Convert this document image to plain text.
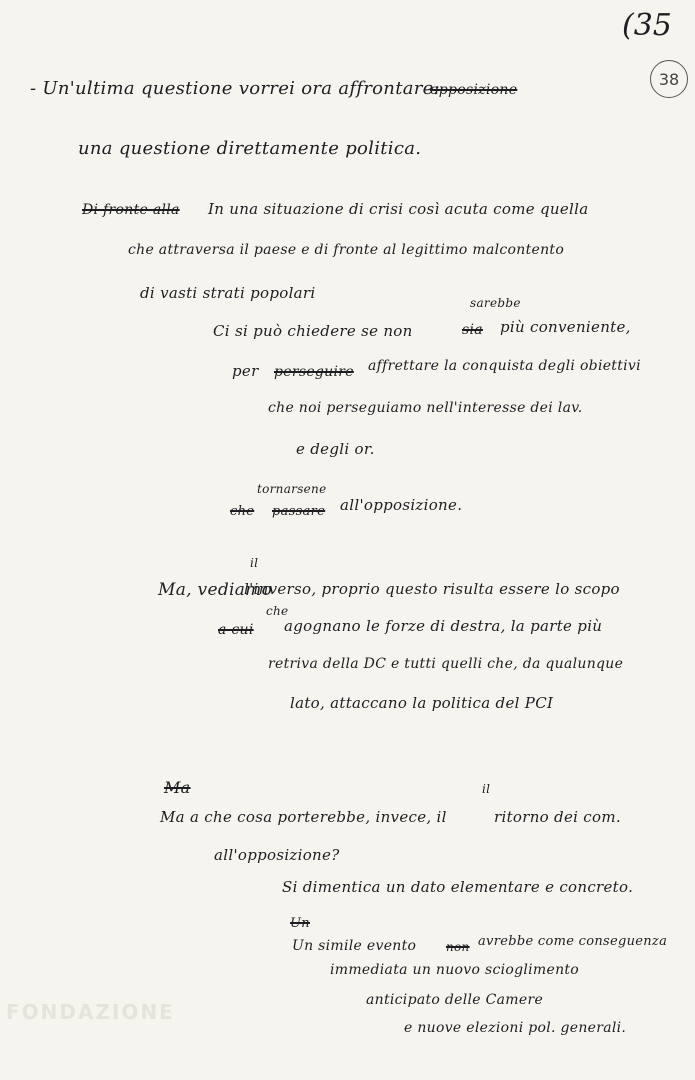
(35
38
FONDAZIONE
- Un'ultima questione vorrei ora affrontare:
opposizione
una questione direttamente politica.
Di fronte alla In una situazione di crisi così acuta come quella
che attraversa il paese e di fronte al legittimo malcontento
di vasti strati popolari
Ci si può chiedere se non
sarebbe
sia più conveniente,
per perseguire affrettare la conquista degli obiettivi
che noi perseguiamo nell'interesse dei lav.
e degli or.
tornarsene
che passare all'opposizione.
Ma, vediamo
il
l'inverso, proprio questo risulta essere lo scopo
che
a cui agognano le forze di destra, la parte più
retriva della DC e tutti quelli che, da qualunque
lato, attaccano la politica del PCI
Ma
Ma a che cosa porterebbe, invece, il
il
ritorno dei com.
all'opposizione?
Si dimentica un dato elementare e concreto.
Un
Un simile evento non avrebbe come conseguenza
immediata un nuovo scioglimento
anticipato delle Camere
e nuove elezioni pol. generali.
